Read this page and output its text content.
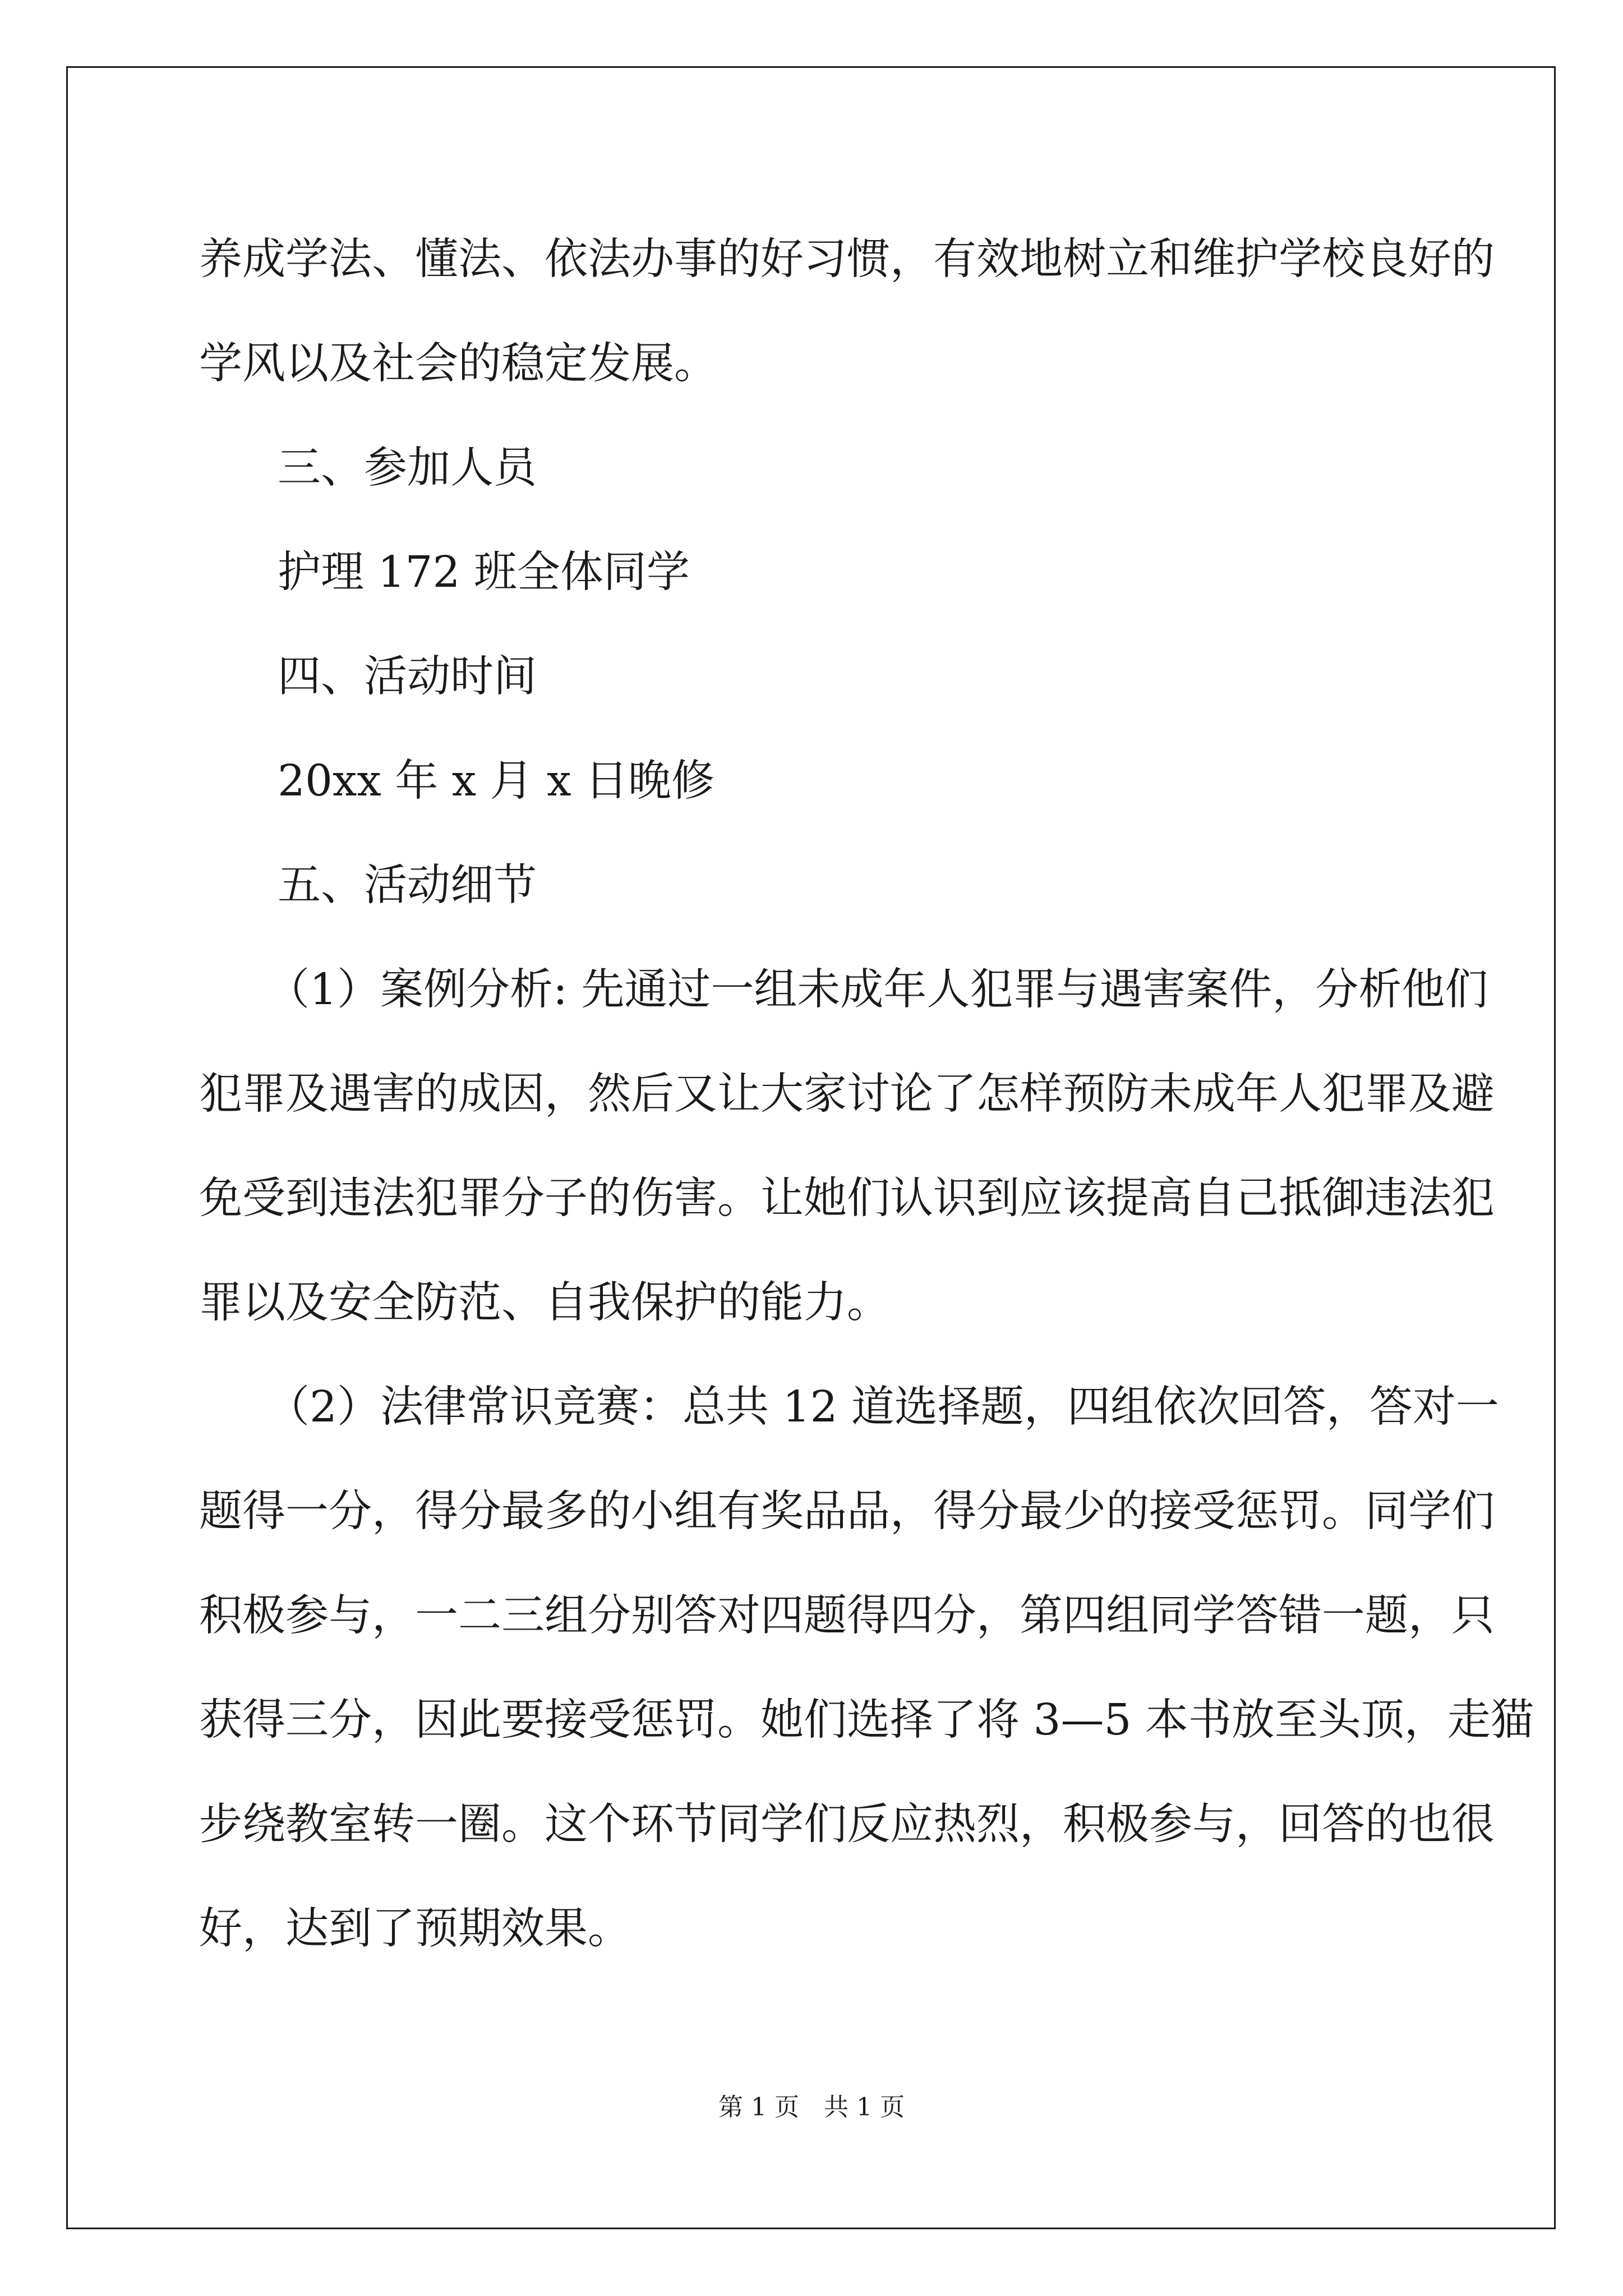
养成学法、懂法、依法办事的好习惯，有效地树立和维护学校良好的

学风以及社会的稳定发展。

三、参加人员

护理 172 班全体同学

四、活动时间

20xx 年 x 月 x 日晚修

五、活动细节

（1）案例分析: 先通过一组未成年人犯罪与遇害案件，分析他们

犯罪及遇害的成因，然后又让大家讨论了怎样预防未成年人犯罪及避

免受到违法犯罪分子的伤害。让她们认识到应该提高自己抵御违法犯

罪以及安全防范、自我保护的能力。

（2）法律常识竞赛：总共 12 道选择题，四组依次回答，答对一

题得一分，得分最多的小组有奖品品，得分最少的接受惩罚。同学们

积极参与，一二三组分别答对四题得四分，第四组同学答错一题，只

获得三分，因此要接受惩罚。她们选择了将 3—5 本书放至头顶，走猫

步绕教室转一圈。这个环节同学们反应热烈，积极参与，回答的也很

好，达到了预期效果。

第 1 页　共 1 页
